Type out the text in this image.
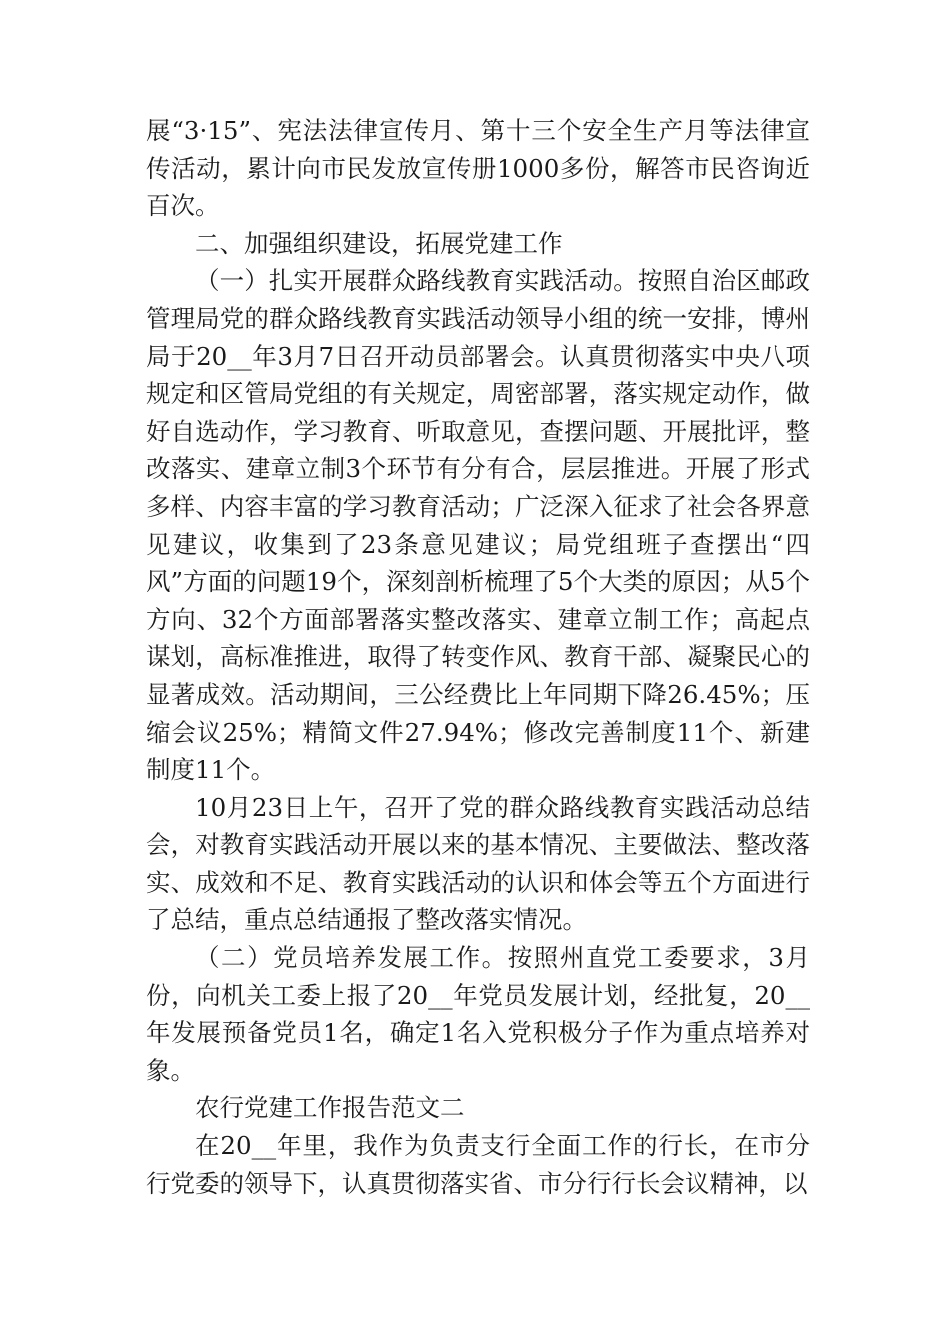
展“3·15”、宪法法律宣传月、第十三个安全生产月等法律宣传活动，累计向市民发放宣传册1000多份，解答市民咨询近百次。

二、加强组织建设，拓展党建工作

（一）扎实开展群众路线教育实践活动。按照自治区邮政管理局党的群众路线教育实践活动领导小组的统一安排，博州局于20__年3月7日召开动员部署会。认真贯彻落实中央八项规定和区管局党组的有关规定，周密部署，落实规定动作，做好自选动作，学习教育、听取意见，查摆问题、开展批评，整改落实、建章立制3个环节有分有合，层层推进。开展了形式多样、内容丰富的学习教育活动；广泛深入征求了社会各界意见建议，收集到了23条意见建议；局党组班子查摆出“四风”方面的问题19个，深刻剖析梳理了5个大类的原因；从5个方向、32个方面部署落实整改落实、建章立制工作；高起点谋划，高标准推进，取得了转变作风、教育干部、凝聚民心的显著成效。活动期间，三公经费比上年同期下降26.45%；压缩会议25%；精简文件27.94%；修改完善制度11个、新建制度11个。

10月23日上午，召开了党的群众路线教育实践活动总结会，对教育实践活动开展以来的基本情况、主要做法、整改落实、成效和不足、教育实践活动的认识和体会等五个方面进行了总结，重点总结通报了整改落实情况。

（二）党员培养发展工作。按照州直党工委要求，3月份，向机关工委上报了20__年党员发展计划，经批复，20__年发展预备党员1名，确定1名入党积极分子作为重点培养对象。

农行党建工作报告范文二

在20__年里，我作为负责支行全面工作的行长，在市分行党委的领导下，认真贯彻落实省、市分行行长会议精神，以
